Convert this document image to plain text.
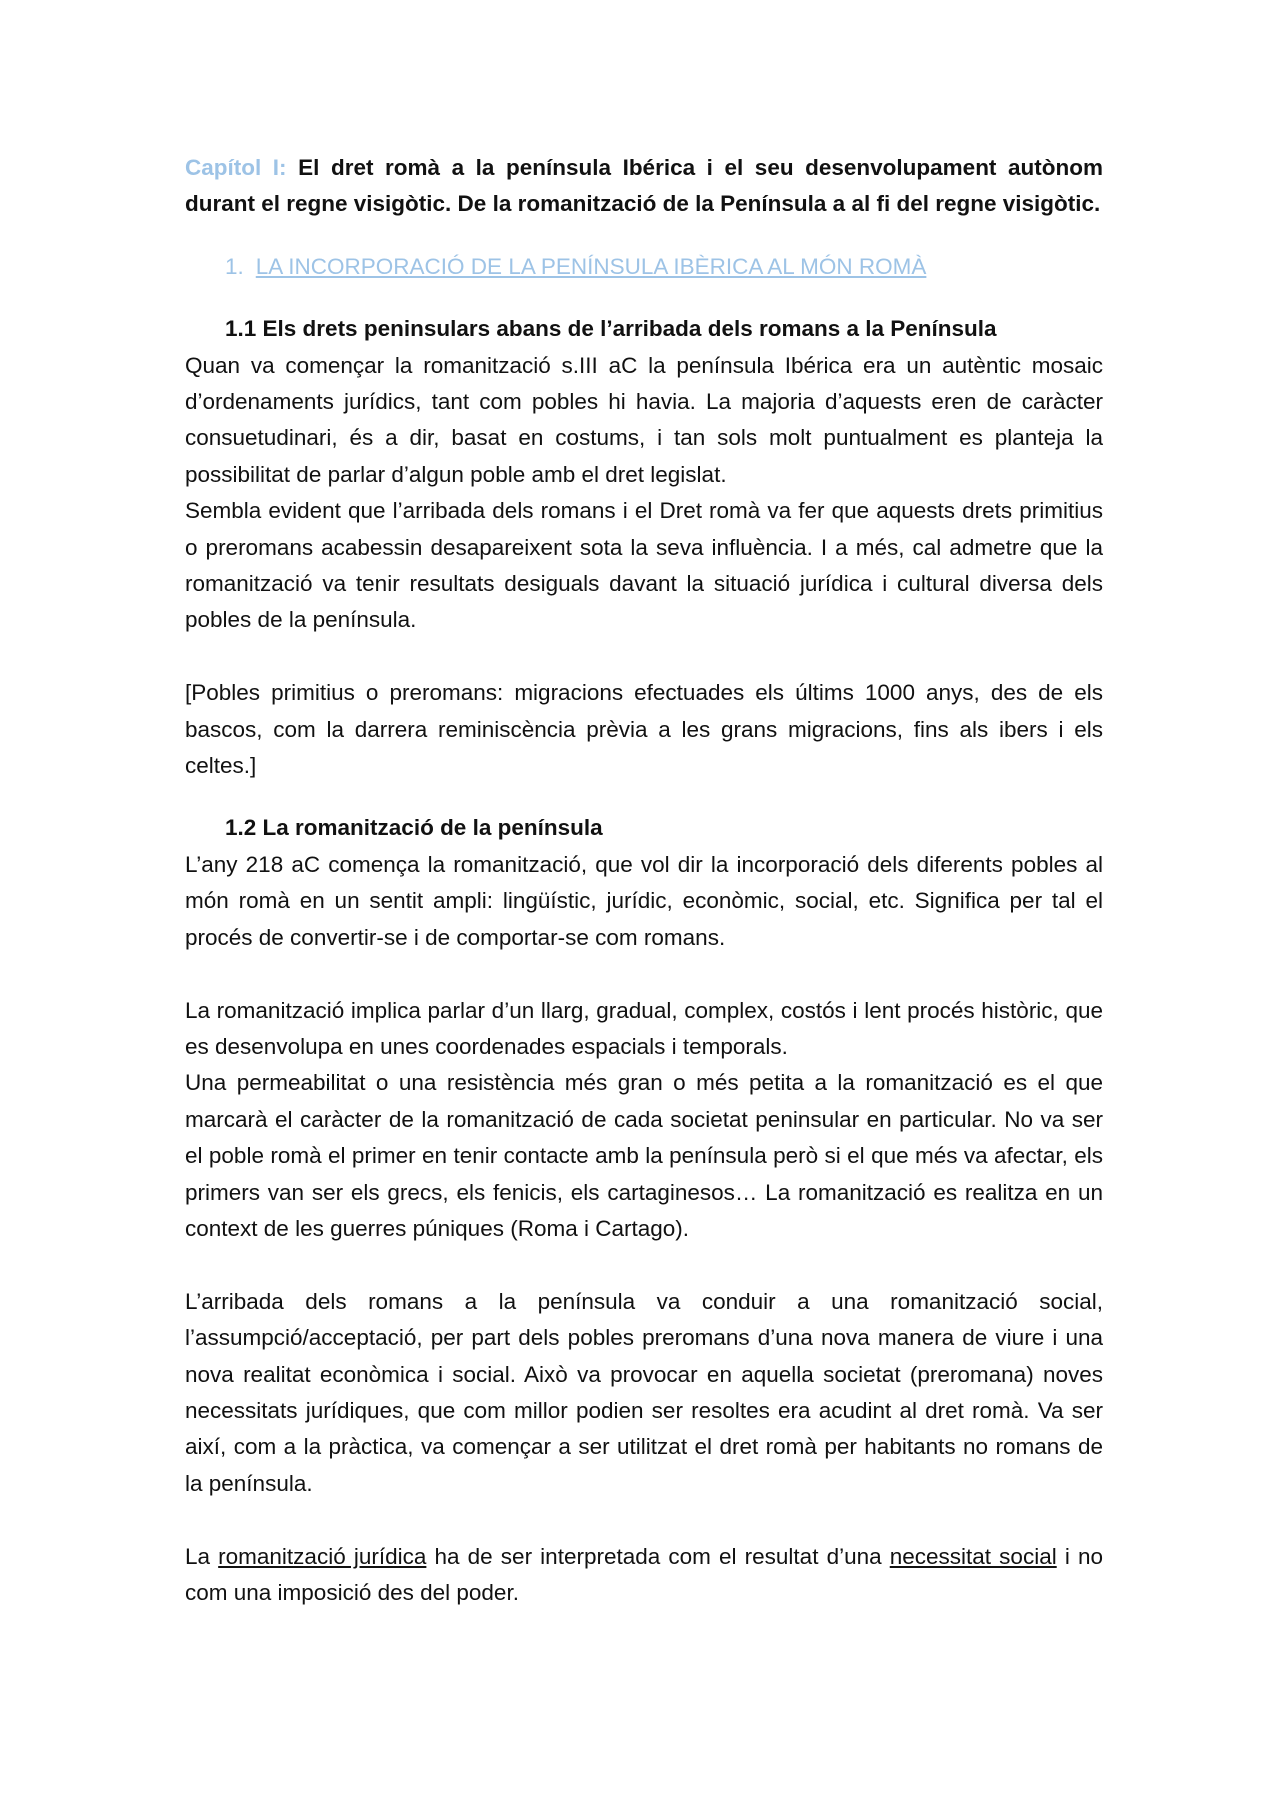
Capítol I: El dret romà a la península Ibérica i el seu desenvolupament autònom durant el regne visigòtic. De la romanització de la Península a al fi del regne visigòtic.

1. LA INCORPORACIÓ DE LA PENÍNSULA IBÈRICA AL MÓN ROMÀ
1.1 Els drets peninsulars abans de l’arribada dels romans a la Península

Quan va començar la romanització s.III aC la península Ibérica era un autèntic mosaic d’ordenaments jurídics, tant com pobles hi havia. La majoria d’aquests eren de caràcter consuetudinari, és a dir, basat en costums, i tan sols molt puntualment es planteja la possibilitat de parlar d’algun poble amb el dret legislat.

Sembla evident que l’arribada dels romans i el Dret romà va fer que aquests drets primitius o preromans acabessin desapareixent sota la seva influència. I a més, cal admetre que la romanització va tenir resultats desiguals davant la situació jurídica i cultural diversa dels pobles de la península.

[Pobles primitius o preromans: migracions efectuades els últims 1000 anys, des de els bascos, com la darrera reminiscència prèvia a les grans migracions, fins als ibers i els celtes.]

1.2 La romanització de la península

L’any 218 aC comença la romanització, que vol dir la incorporació dels diferents pobles al món romà en un sentit ampli: lingüístic, jurídic, econòmic, social, etc. Significa per tal el procés de convertir-se i de comportar-se com romans.

La romanització implica parlar d’un llarg, gradual, complex, costós i lent procés històric, que es desenvolupa en unes coordenades espacials i temporals.

Una permeabilitat o una resistència més gran o més petita a la romanització es el que marcarà el caràcter de la romanització de cada societat peninsular en particular. No va ser el poble romà el primer en tenir contacte amb la península però si el que més va afectar, els primers van ser els grecs, els fenicis, els cartaginesos… La romanització es realitza en un context de les guerres púniques (Roma i Cartago).

L’arribada dels romans a la península va conduir a una romanització social, l’assumpció/acceptació, per part dels pobles preromans d’una nova manera de viure i una nova realitat econòmica i social. Això va provocar en aquella societat (preromana) noves necessitats jurídiques, que com millor podien ser resoltes era acudint al dret romà. Va ser així, com a la pràctica, va començar a ser utilitzat el dret romà per habitants no romans de la península.

La romanització jurídica ha de ser interpretada com el resultat d’una necessitat social i no com una imposició des del poder.
